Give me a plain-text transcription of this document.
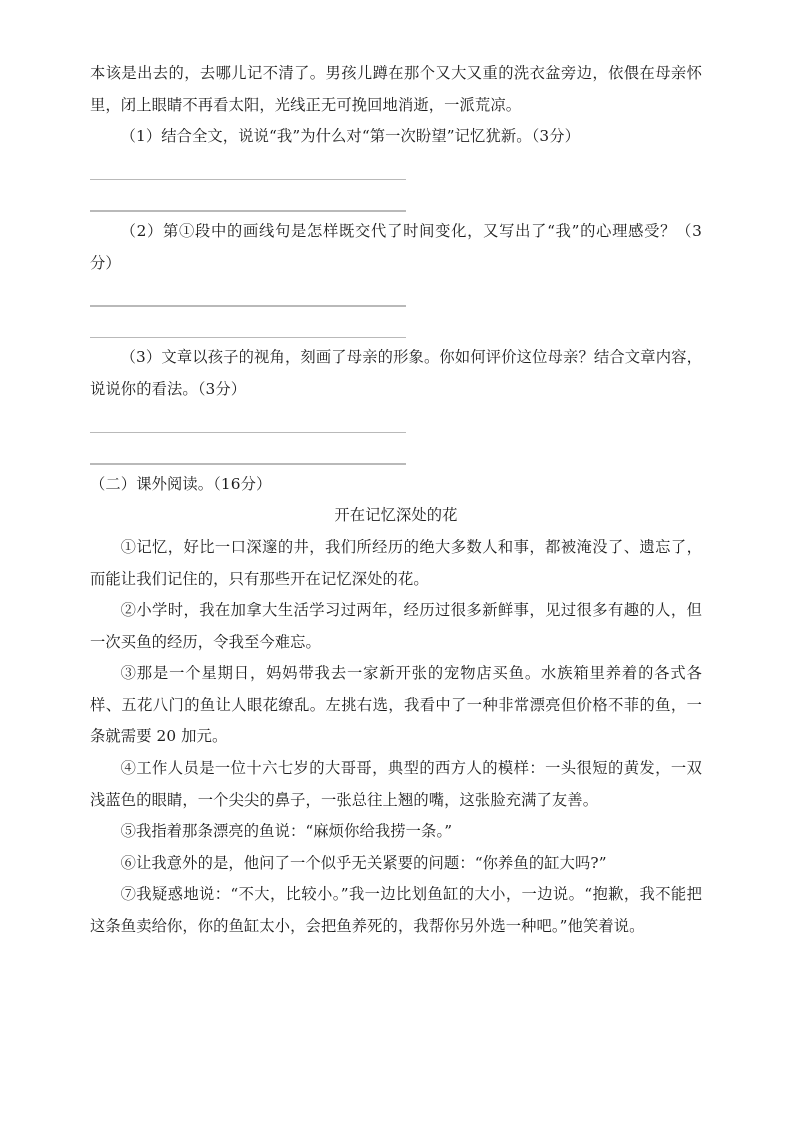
本该是出去的，去哪儿记不清了。男孩儿蹲在那个又大又重的洗衣盆旁边，依偎在母亲怀里，闭上眼睛不再看太阳，光线正无可挽回地消逝，一派荒凉。

（1）结合全文，说说“我”为什么对“第一次盼望”记忆犹新。（3分）

（2）第①段中的画线句是怎样既交代了时间变化，又写出了“我”的心理感受？（3分）

（3）文章以孩子的视角，刻画了母亲的形象。你如何评价这位母亲？结合文章内容，说说你的看法。（3分）

（二）课外阅读。（16分）

开在记忆深处的花

①记忆，好比一口深邃的井，我们所经历的绝大多数人和事，都被淹没了、遗忘了，而能让我们记住的，只有那些开在记忆深处的花。

②小学时，我在加拿大生活学习过两年，经历过很多新鲜事，见过很多有趣的人，但一次买鱼的经历，令我至今难忘。

③那是一个星期日，妈妈带我去一家新开张的宠物店买鱼。水族箱里养着的各式各样、五花八门的鱼让人眼花缭乱。左挑右选，我看中了一种非常漂亮但价格不菲的鱼，一条就需要 20 加元。

④工作人员是一位十六七岁的大哥哥，典型的西方人的模样：一头很短的黄发，一双浅蓝色的眼睛，一个尖尖的鼻子，一张总往上翘的嘴，这张脸充满了友善。

⑤我指着那条漂亮的鱼说：“麻烦你给我捞一条。”

⑥让我意外的是，他问了一个似乎无关紧要的问题：“你养鱼的缸大吗?”

⑦我疑惑地说：“不大，比较小。”我一边比划鱼缸的大小，一边说。“抱歉，我不能把这条鱼卖给你，你的鱼缸太小，会把鱼养死的，我帮你另外选一种吧。”他笑着说。
